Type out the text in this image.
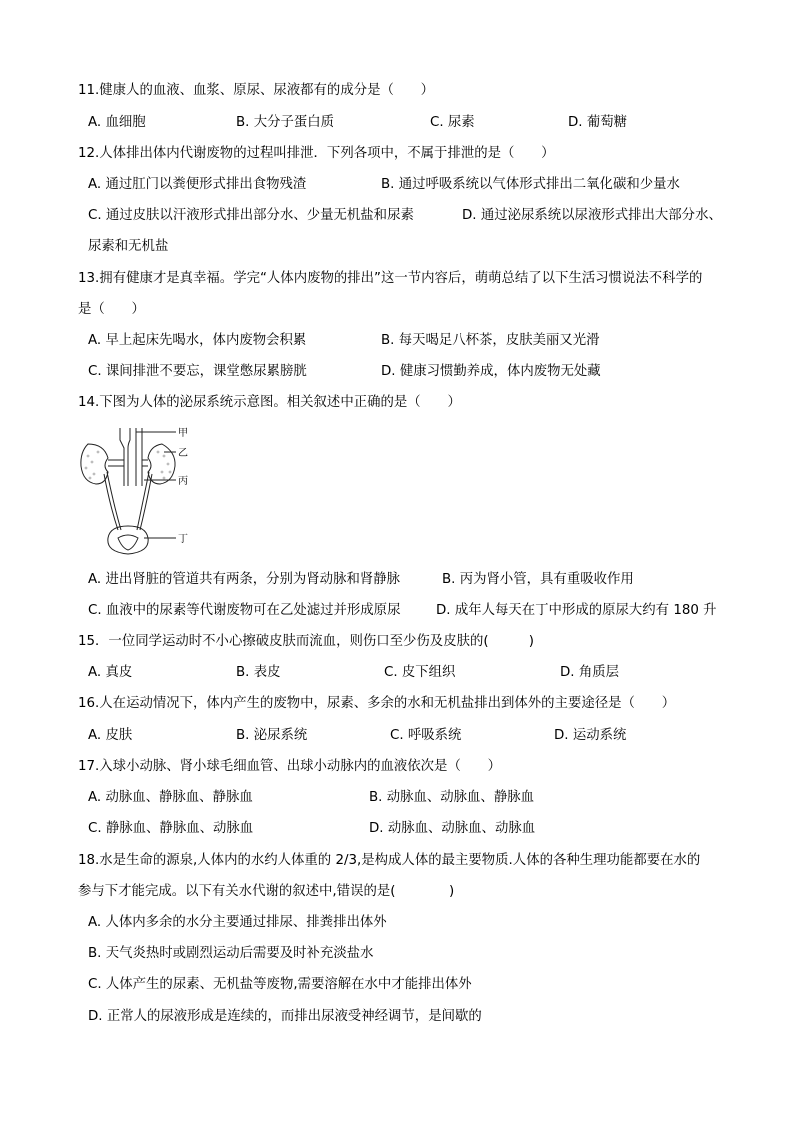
11.健康人的血液、血浆、原尿、尿液都有的成分是（　　）
A. 血细胞	B. 大分子蛋白质	C. 尿素	D. 葡萄糖
12.人体排出体内代谢废物的过程叫排泄．下列各项中，不属于排泄的是（　　）
A. 通过肛门以粪便形式排出食物残渣	B. 通过呼吸系统以气体形式排出二氧化碳和少量水
C. 通过皮肤以汗液形式排出部分水、少量无机盐和尿素	D. 通过泌尿系统以尿液形式排出大部分水、
尿素和无机盐
13.拥有健康才是真幸福。学完“人体内废物的排出”这一节内容后，萌萌总结了以下生活习惯说法不科学的
是（　　）
A. 早上起床先喝水，体内废物会积累	B. 每天喝足八杯茶，皮肤美丽又光滑
C. 课间排泄不要忘，课堂憋尿累膀胱	D. 健康习惯勤养成，体内废物无处藏
14.下图为人体的泌尿系统示意图。相关叙述中正确的是（　　）
甲
乙
丙
丁
A. 进出肾脏的管道共有两条，分别为肾动脉和肾静脉	B. 丙为肾小管，具有重吸收作用
C. 血液中的尿素等代谢废物可在乙处滤过并形成原尿	D. 成年人每天在丁中形成的原尿大约有 180 升
15．一位同学运动时不小心擦破皮肤而流血，则伤口至少伤及皮肤的(　　　)
A. 真皮	B. 表皮	C. 皮下组织	D. 角质层
16.人在运动情况下，体内产生的废物中，尿素、多余的水和无机盐排出到体外的主要途径是（　　）
A. 皮肤	B. 泌尿系统	C. 呼吸系统	D. 运动系统
17.入球小动脉、肾小球毛细血管、出球小动脉内的血液依次是（　　）
A. 动脉血、静脉血、静脉血	B. 动脉血、动脉血、静脉血
C. 静脉血、静脉血、动脉血	D. 动脉血、动脉血、动脉血
18.水是生命的源泉,人体内的水约人体重的 2/3,是构成人体的最主要物质.人体的各种生理功能都要在水的
参与下才能完成。以下有关水代谢的叙述中,错误的是(　　　　)
A. 人体内多余的水分主要通过排尿、排粪排出体外
B. 天气炎热时或剧烈运动后需要及时补充淡盐水
C. 人体产生的尿素、无机盐等废物,需要溶解在水中才能排出体外
D. 正常人的尿液形成是连续的，而排出尿液受神经调节，是间歇的
